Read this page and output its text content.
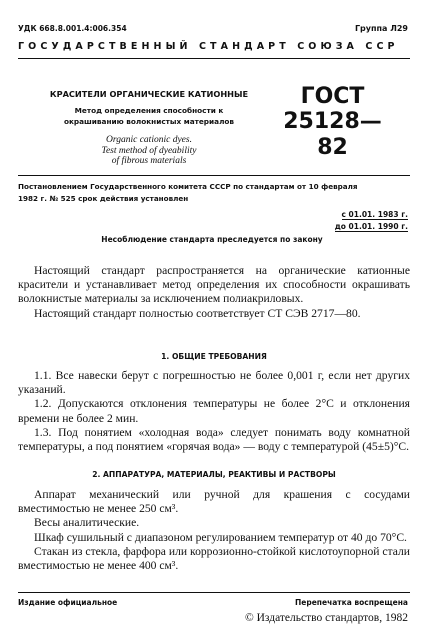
УДК 668.8.001.4:006.354	Группа Л29
ГОСУДАРСТВЕННЫЙ СТАНДАРТ СОЮЗА ССР
КРАСИТЕЛИ ОРГАНИЧЕСКИЕ КАТИОННЫЕ
Метод определения способности к
окрашиванию волокнистых материалов
Organic cationic dyes.
Test method of dyeability
of fibrous materials
ГОСТ
25128—82
Постановлением Государственного комитета СССР по стандартам от 10 февраля
1982 г. № 525 срок действия установлен
с 01.01. 1983 г.
до 01.01. 1990 г.
Несоблюдение стандарта преследуется по закону
Настоящий стандарт распространяется на органические катионные красители и устанавливает метод определения их способности окрашивать волокнистые материалы за исключением полиакриловых.
Настоящий стандарт полностью соответствует СТ СЭВ 2717—80.
1. ОБЩИЕ ТРЕБОВАНИЯ
1.1. Все навески берут с погрешностью не более 0,001 г, если нет других указаний.
1.2. Допускаются отклонения температуры не более 2°С и отклонения времени не более 2 мин.
1.3. Под понятием «холодная вода» следует понимать воду комнатной температуры, а под понятием «горячая вода» — воду с температурой (45±5)°С.
2. АППАРАТУРА, МАТЕРИАЛЫ, РЕАКТИВЫ И РАСТВОРЫ
Аппарат механический или ручной для крашения с сосудами вместимостью не менее 250 см³.
Весы аналитические.
Шкаф сушильный с диапазоном регулированием температур от 40 до 70°С.
Стакан из стекла, фарфора или коррозионно-стойкой кислотоупорной стали вместимостью не менее 400 см³.
Издание официальное	Перепечатка воспрещена
© Издательство стандартов, 1982
